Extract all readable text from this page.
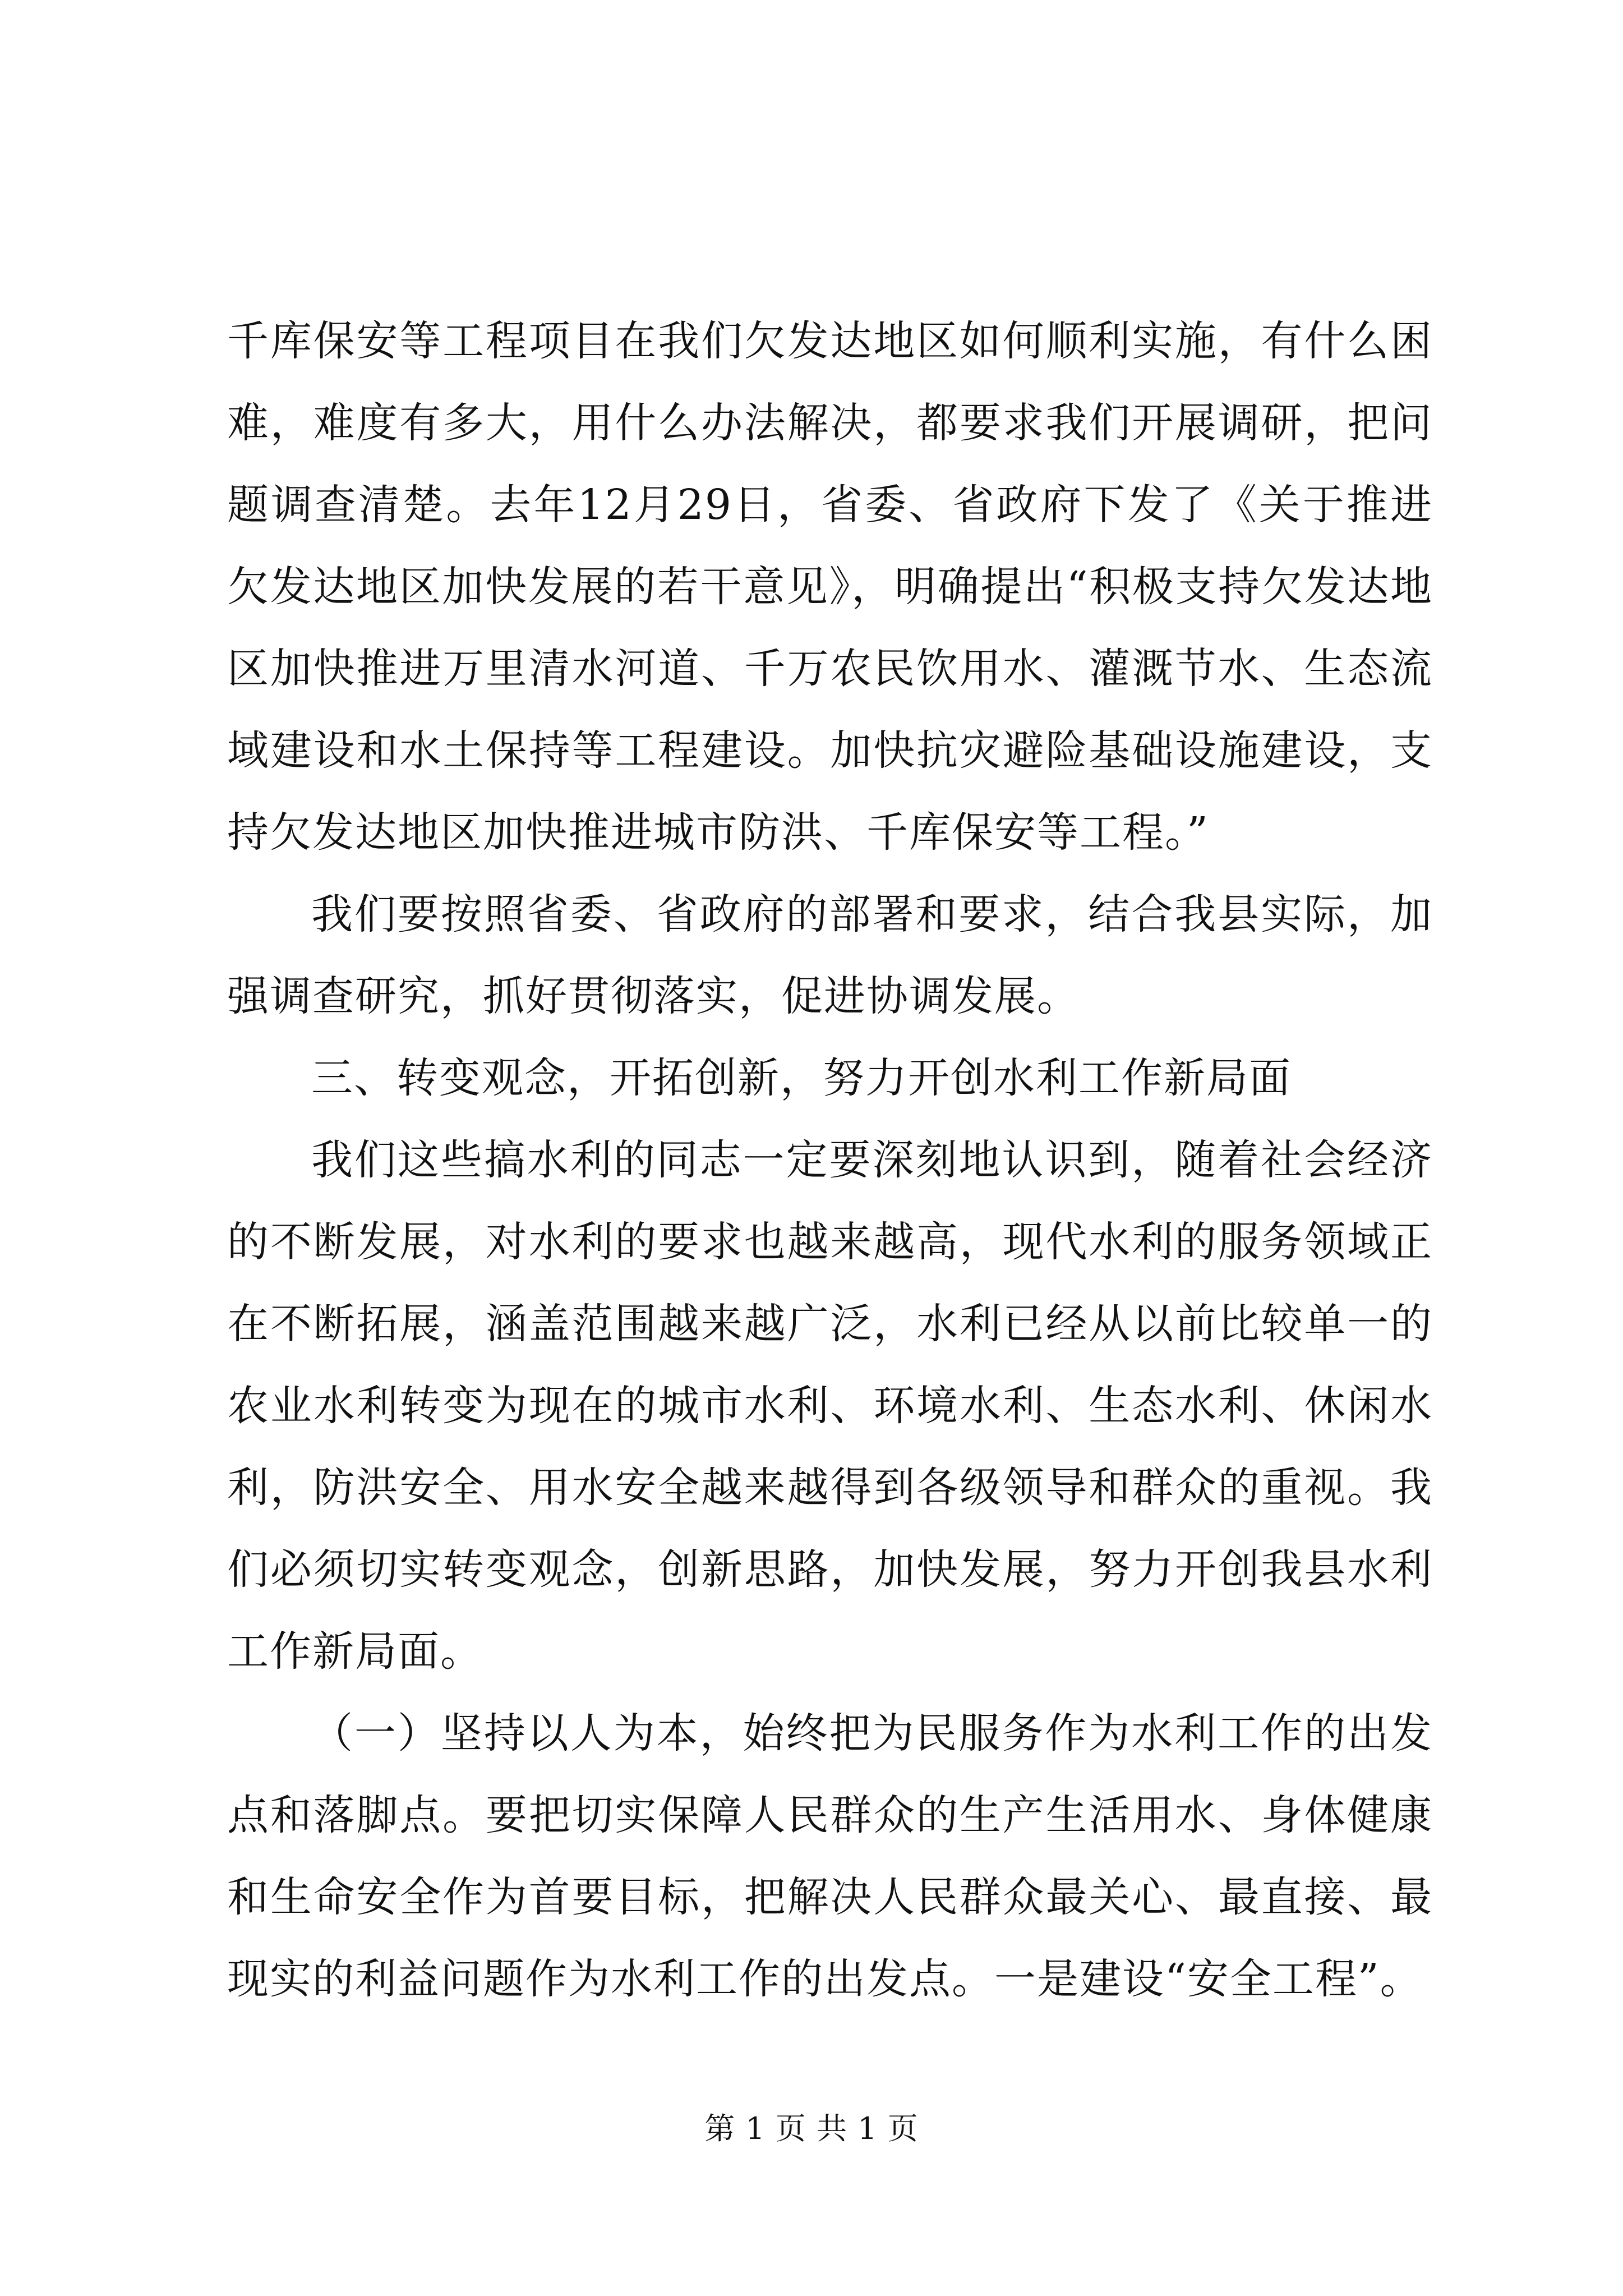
千库保安等工程项目在我们欠发达地区如何顺利实施，有什么困难，难度有多大，用什么办法解决，都要求我们开展调研，把问题调查清楚。去年12月29日，省委、省政府下发了《关于推进欠发达地区加快发展的若干意见》，明确提出“积极支持欠发达地区加快推进万里清水河道、千万农民饮用水、灌溉节水、生态流域建设和水土保持等工程建设。加快抗灾避险基础设施建设，支持欠发达地区加快推进城市防洪、千库保安等工程。”

我们要按照省委、省政府的部署和要求，结合我县实际，加强调查研究，抓好贯彻落实，促进协调发展。

三、转变观念，开拓创新，努力开创水利工作新局面

我们这些搞水利的同志一定要深刻地认识到，随着社会经济的不断发展，对水利的要求也越来越高，现代水利的服务领域正在不断拓展，涵盖范围越来越广泛，水利已经从以前比较单一的农业水利转变为现在的城市水利、环境水利、生态水利、休闲水利，防洪安全、用水安全越来越得到各级领导和群众的重视。我们必须切实转变观念，创新思路，加快发展，努力开创我县水利工作新局面。

（一）坚持以人为本，始终把为民服务作为水利工作的出发点和落脚点。要把切实保障人民群众的生产生活用水、身体健康和生命安全作为首要目标，把解决人民群众最关心、最直接、最现实的利益问题作为水利工作的出发点。一是建设“安全工程”。

第 1 页 共 1 页
